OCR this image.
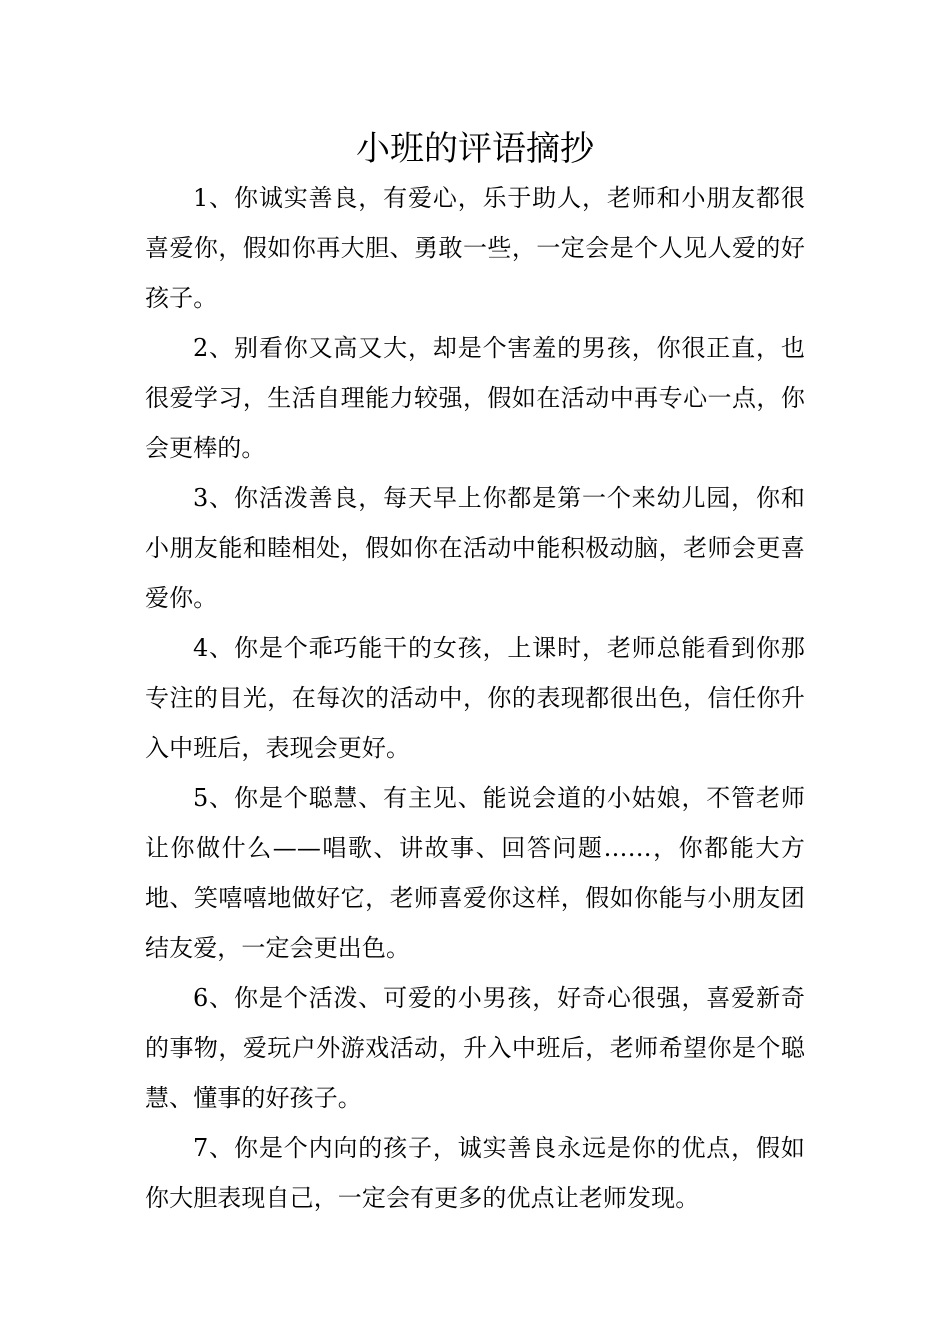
小班的评语摘抄

1、你诚实善良，有爱心，乐于助人，老师和小朋友都很喜爱你，假如你再大胆、勇敢一些，一定会是个人见人爱的好孩子。

2、别看你又高又大，却是个害羞的男孩，你很正直，也很爱学习，生活自理能力较强，假如在活动中再专心一点，你会更棒的。

3、你活泼善良，每天早上你都是第一个来幼儿园，你和小朋友能和睦相处，假如你在活动中能积极动脑，老师会更喜爱你。

4、你是个乖巧能干的女孩，上课时，老师总能看到你那专注的目光，在每次的活动中，你的表现都很出色，信任你升入中班后，表现会更好。

5、你是个聪慧、有主见、能说会道的小姑娘，不管老师让你做什么——唱歌、讲故事、回答问题……，你都能大方地、笑嘻嘻地做好它，老师喜爱你这样，假如你能与小朋友团结友爱，一定会更出色。

6、你是个活泼、可爱的小男孩，好奇心很强，喜爱新奇的事物，爱玩户外游戏活动，升入中班后，老师希望你是个聪慧、懂事的好孩子。

7、你是个内向的孩子，诚实善良永远是你的优点，假如你大胆表现自己，一定会有更多的优点让老师发现。
